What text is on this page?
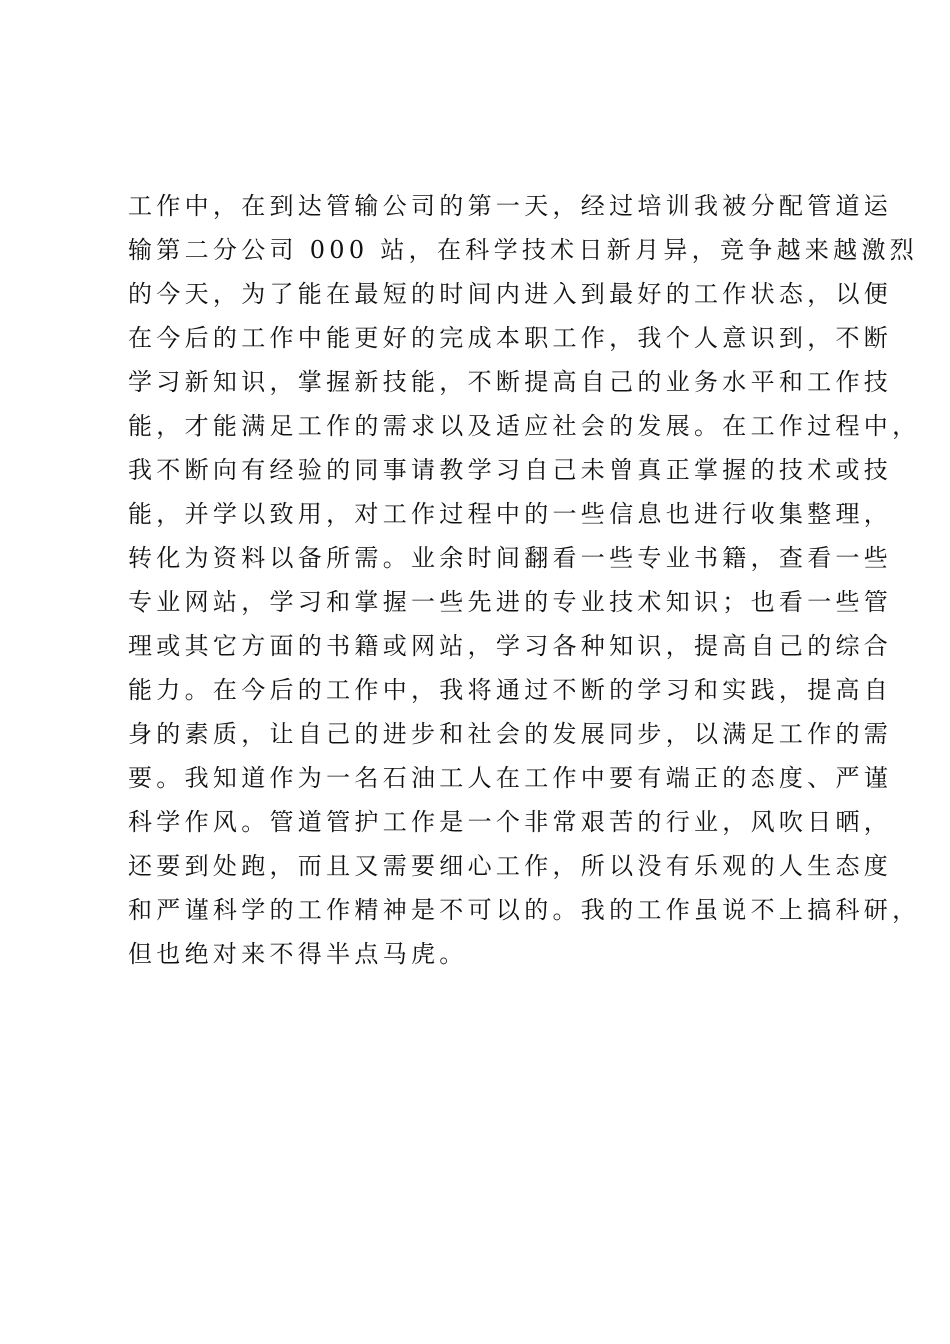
工作中，在到达管输公司的第一天，经过培训我被分配管道运
输第二分公司 000 站，在科学技术日新月异，竞争越来越激烈
的今天，为了能在最短的时间内进入到最好的工作状态，以便
在今后的工作中能更好的完成本职工作，我个人意识到，不断
学习新知识，掌握新技能，不断提高自己的业务水平和工作技
能，才能满足工作的需求以及适应社会的发展。在工作过程中，
我不断向有经验的同事请教学习自己未曾真正掌握的技术或技
能，并学以致用，对工作过程中的一些信息也进行收集整理，
转化为资料以备所需。业余时间翻看一些专业书籍，查看一些
专业网站，学习和掌握一些先进的专业技术知识；也看一些管
理或其它方面的书籍或网站，学习各种知识，提高自己的综合
能力。在今后的工作中，我将通过不断的学习和实践，提高自
身的素质，让自己的进步和社会的发展同步，以满足工作的需
要。我知道作为一名石油工人在工作中要有端正的态度、严谨
科学作风。管道管护工作是一个非常艰苦的行业，风吹日晒，
还要到处跑，而且又需要细心工作，所以没有乐观的人生态度
和严谨科学的工作精神是不可以的。我的工作虽说不上搞科研，
但也绝对来不得半点马虎。
